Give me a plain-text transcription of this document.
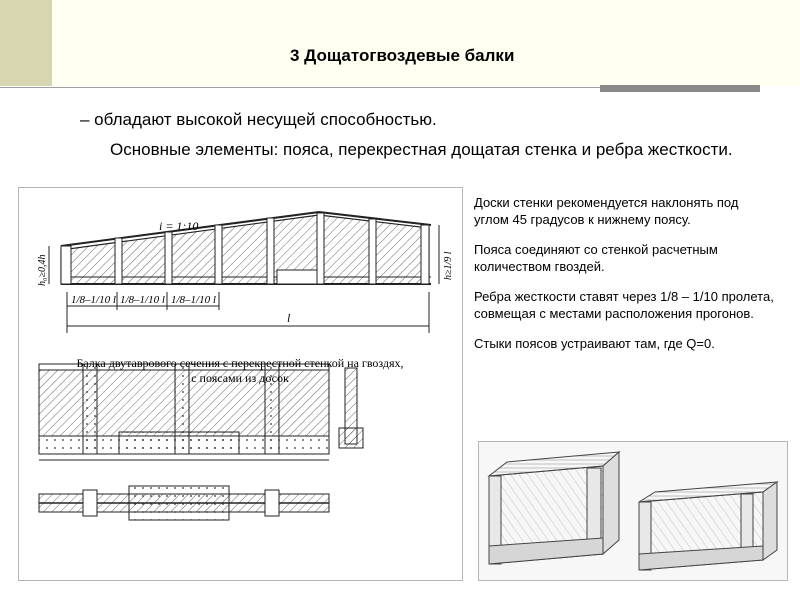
3 Дощатогвоздевые балки
– обладают высокой несущей способностью.
Основные элементы: пояса, перекрестная дощатая стенка и ребра жесткости.
i = 1:10
h₀≥0,4h	h≥1/9 l
1/8–1/10 l 1/8–1/10 l 1/8–1/10 l
l
Балка двутаврового сечения с перекрестной стенкой на гвоздях,
с поясами из досок

Доски стенки рекомендуется наклонять под углом 45 градусов к нижнему поясу.

Пояса соединяют со стенкой расчетным количеством гвоздей.

Ребра жесткости ставят через 1/8 – 1/10 пролета, совмещая с местами расположения прогонов.

Стыки поясов устраивают там, где Q=0.
